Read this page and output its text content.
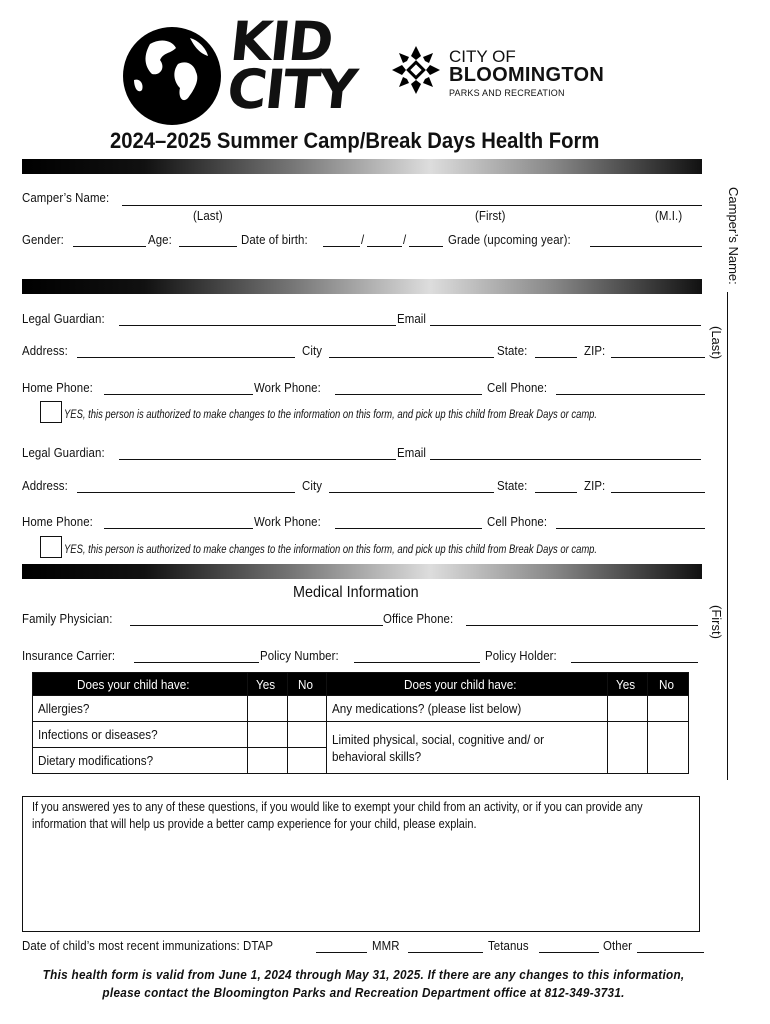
KID
CITY
CITY OF
BLOOMINGTON
PARKS AND RECREATION
2024–2025 Summer Camp/Break Days Health Form
Camper’s Name:
(Last)	(First)	(M.I.)
Gender:	Age:	Date of birth:	/	/	Grade (upcoming year):
Legal Guardian:	Email
Address:	City	State:	ZIP:
Home Phone:	Work Phone:	Cell Phone:
YES, this person is authorized to make changes to the information on this form, and pick up this child from Break Days or camp.
Legal Guardian:	Email
Address:	City	State:	ZIP:
Home Phone:	Work Phone:	Cell Phone:
YES, this person is authorized to make changes to the information on this form, and pick up this child from Break Days or camp.
Medical Information
Family Physician:	Office Phone:
Insurance Carrier:	Policy Number:	Policy Holder:
Does your child have:	Yes	No	Does your child have:	Yes	No
Allergies?			Any medications? (please list below)		
Infections or diseases?			Limited physical, social, cognitive and/ or behavioral skills?		
Dietary modifications?					
If you answered yes to any of these questions, if you would like to exempt your child from an activity, or if you can provide any information that will help us provide a better camp experience for your child, please explain.
Date of child’s most recent immunizations: DTAP	MMR	Tetanus	Other
This health form is valid from June 1, 2024 through May 31, 2025. If there are any changes to this information, please contact the Bloomington Parks and Recreation Department office at 812-349-3731.
Camper’s Name:
(Last)
(First)
